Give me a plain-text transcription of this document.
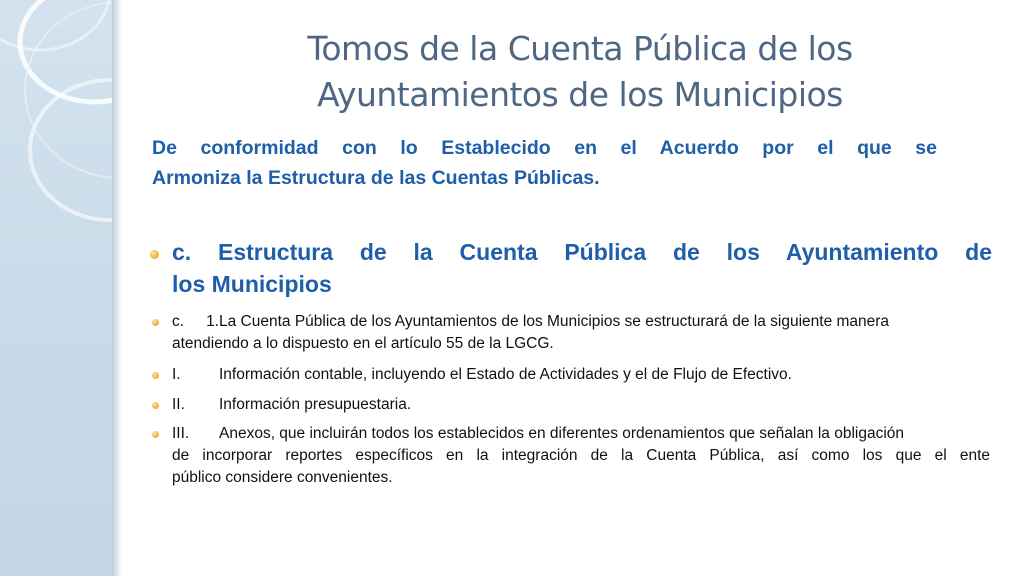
Tomos de la Cuenta Pública de los
Ayuntamientos de los Municipios
De conformidad con lo Establecido en el Acuerdo por el que se
Armoniza la Estructura de las Cuentas Públicas.
c. Estructura de la Cuenta Pública de los Ayuntamiento de
los Municipios
c. 1.La Cuenta Pública de los Ayuntamientos de los Municipios se estructurará de la siguiente manera
atendiendo a lo dispuesto en el artículo 55 de la LGCG.
I. Información contable, incluyendo el Estado de Actividades y el de Flujo de Efectivo.
II. Información presupuestaria.
III. Anexos, que incluirán todos los establecidos en diferentes ordenamientos que señalan la obligación
de incorporar reportes específicos en la integración de la Cuenta Pública, así como los que el ente
público considere convenientes.
